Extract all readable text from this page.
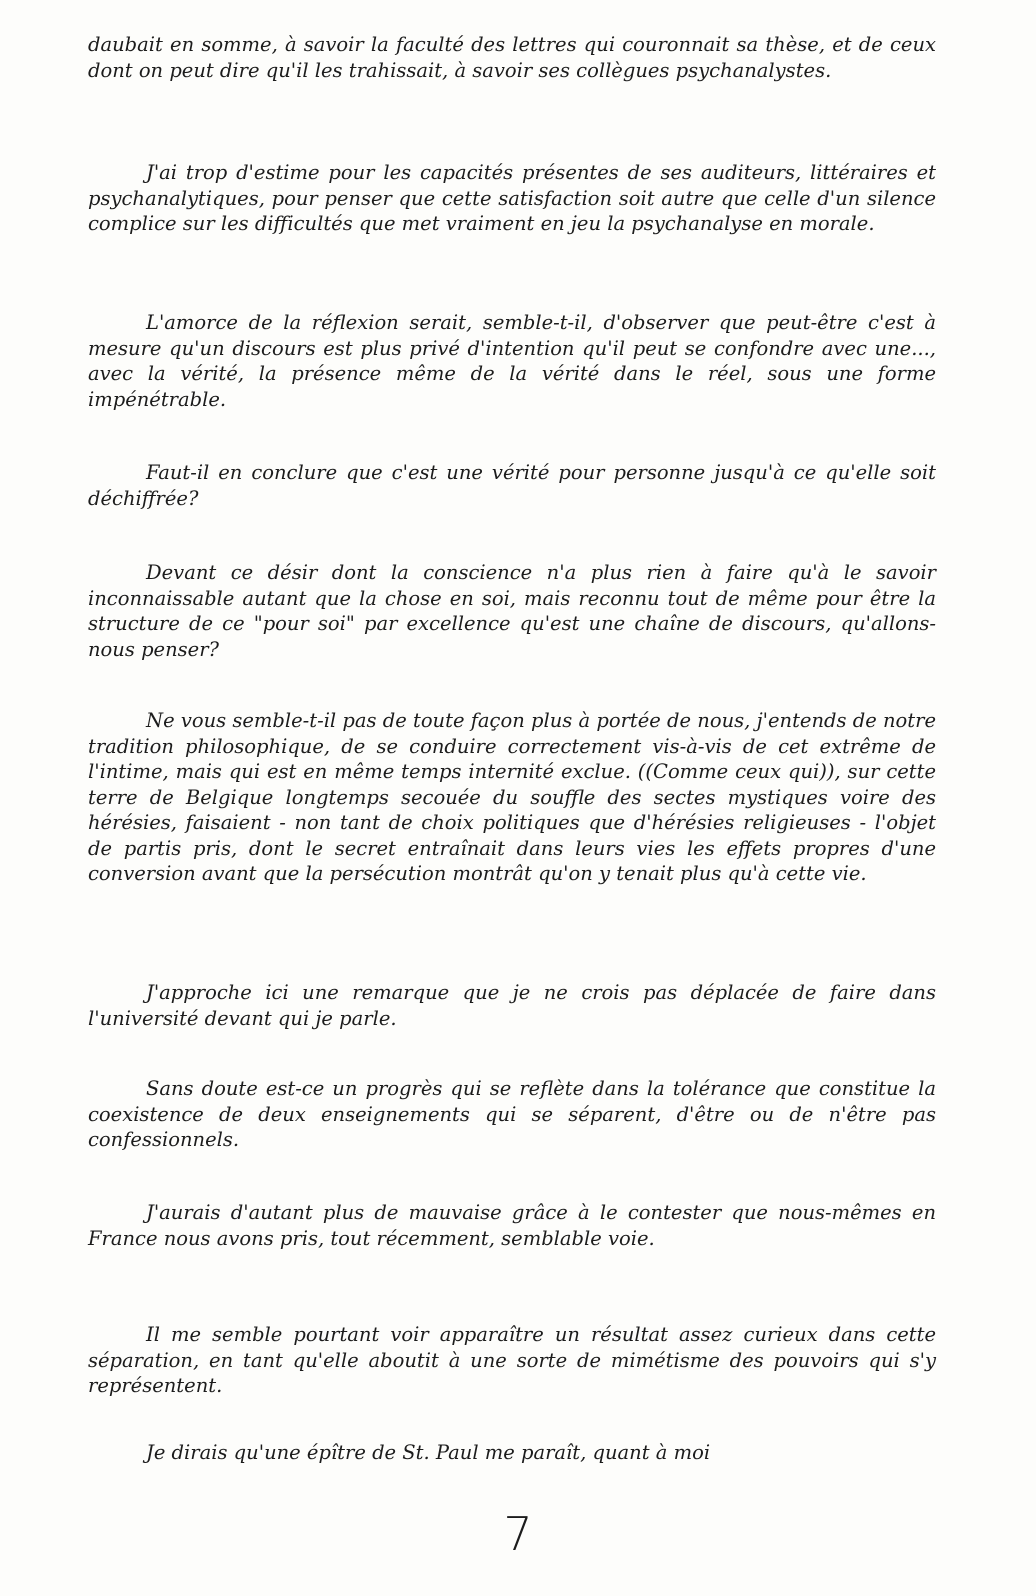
daubait en somme, à savoir la faculté des lettres qui couronnait sa thèse, et de ceux dont on peut dire qu'il les trahissait, à savoir ses collègues psychanalystes.

J'ai trop d'estime pour les capacités présentes de ses auditeurs, littéraires et psychanalytiques, pour penser que cette satisfaction soit autre que celle d'un silence complice sur les difficultés que met vraiment en jeu la psychanalyse en morale.

L'amorce de la réflexion serait, semble-t-il, d'observer que peut-être c'est à mesure qu'un discours est plus privé d'intention qu'il peut se confondre avec une..., avec la vérité, la présence même de la vérité dans le réel, sous une forme impénétrable.

Faut-il en conclure que c'est une vérité pour personne jusqu'à ce qu'elle soit déchiffrée?

Devant ce désir dont la conscience n'a plus rien à faire qu'à le savoir inconnaissable autant que la chose en soi, mais reconnu tout de même pour être la structure de ce "pour soi" par excellence qu'est une chaîne de discours, qu'allons-nous penser?

Ne vous semble-t-il pas de toute façon plus à portée de nous, j'entends de notre tradition philosophique, de se conduire correctement vis-à-vis de cet extrême de l'intime, mais qui est en même temps internité exclue. ((Comme ceux qui)), sur cette terre de Belgique longtemps secouée du souffle des sectes mystiques voire des hérésies, faisaient - non tant de choix politiques que d'hérésies religieuses - l'objet de partis pris, dont le secret entraînait dans leurs vies les effets propres d'une conversion avant que la persécution montrât qu'on y tenait plus qu'à cette vie.

J'approche ici une remarque que je ne crois pas déplacée de faire dans l'université devant qui je parle.

Sans doute est-ce un progrès qui se reflète dans la tolérance que constitue la coexistence de deux enseignements qui se séparent, d'être ou de n'être pas confessionnels.

J'aurais d'autant plus de mauvaise grâce à le contester que nous-mêmes en France nous avons pris, tout récemment, semblable voie.

Il me semble pourtant voir apparaître un résultat assez curieux dans cette séparation, en tant qu'elle aboutit à une sorte de mimétisme des pouvoirs qui s'y représentent.

Je dirais qu'une épître de St. Paul me paraît, quant à moi

7
